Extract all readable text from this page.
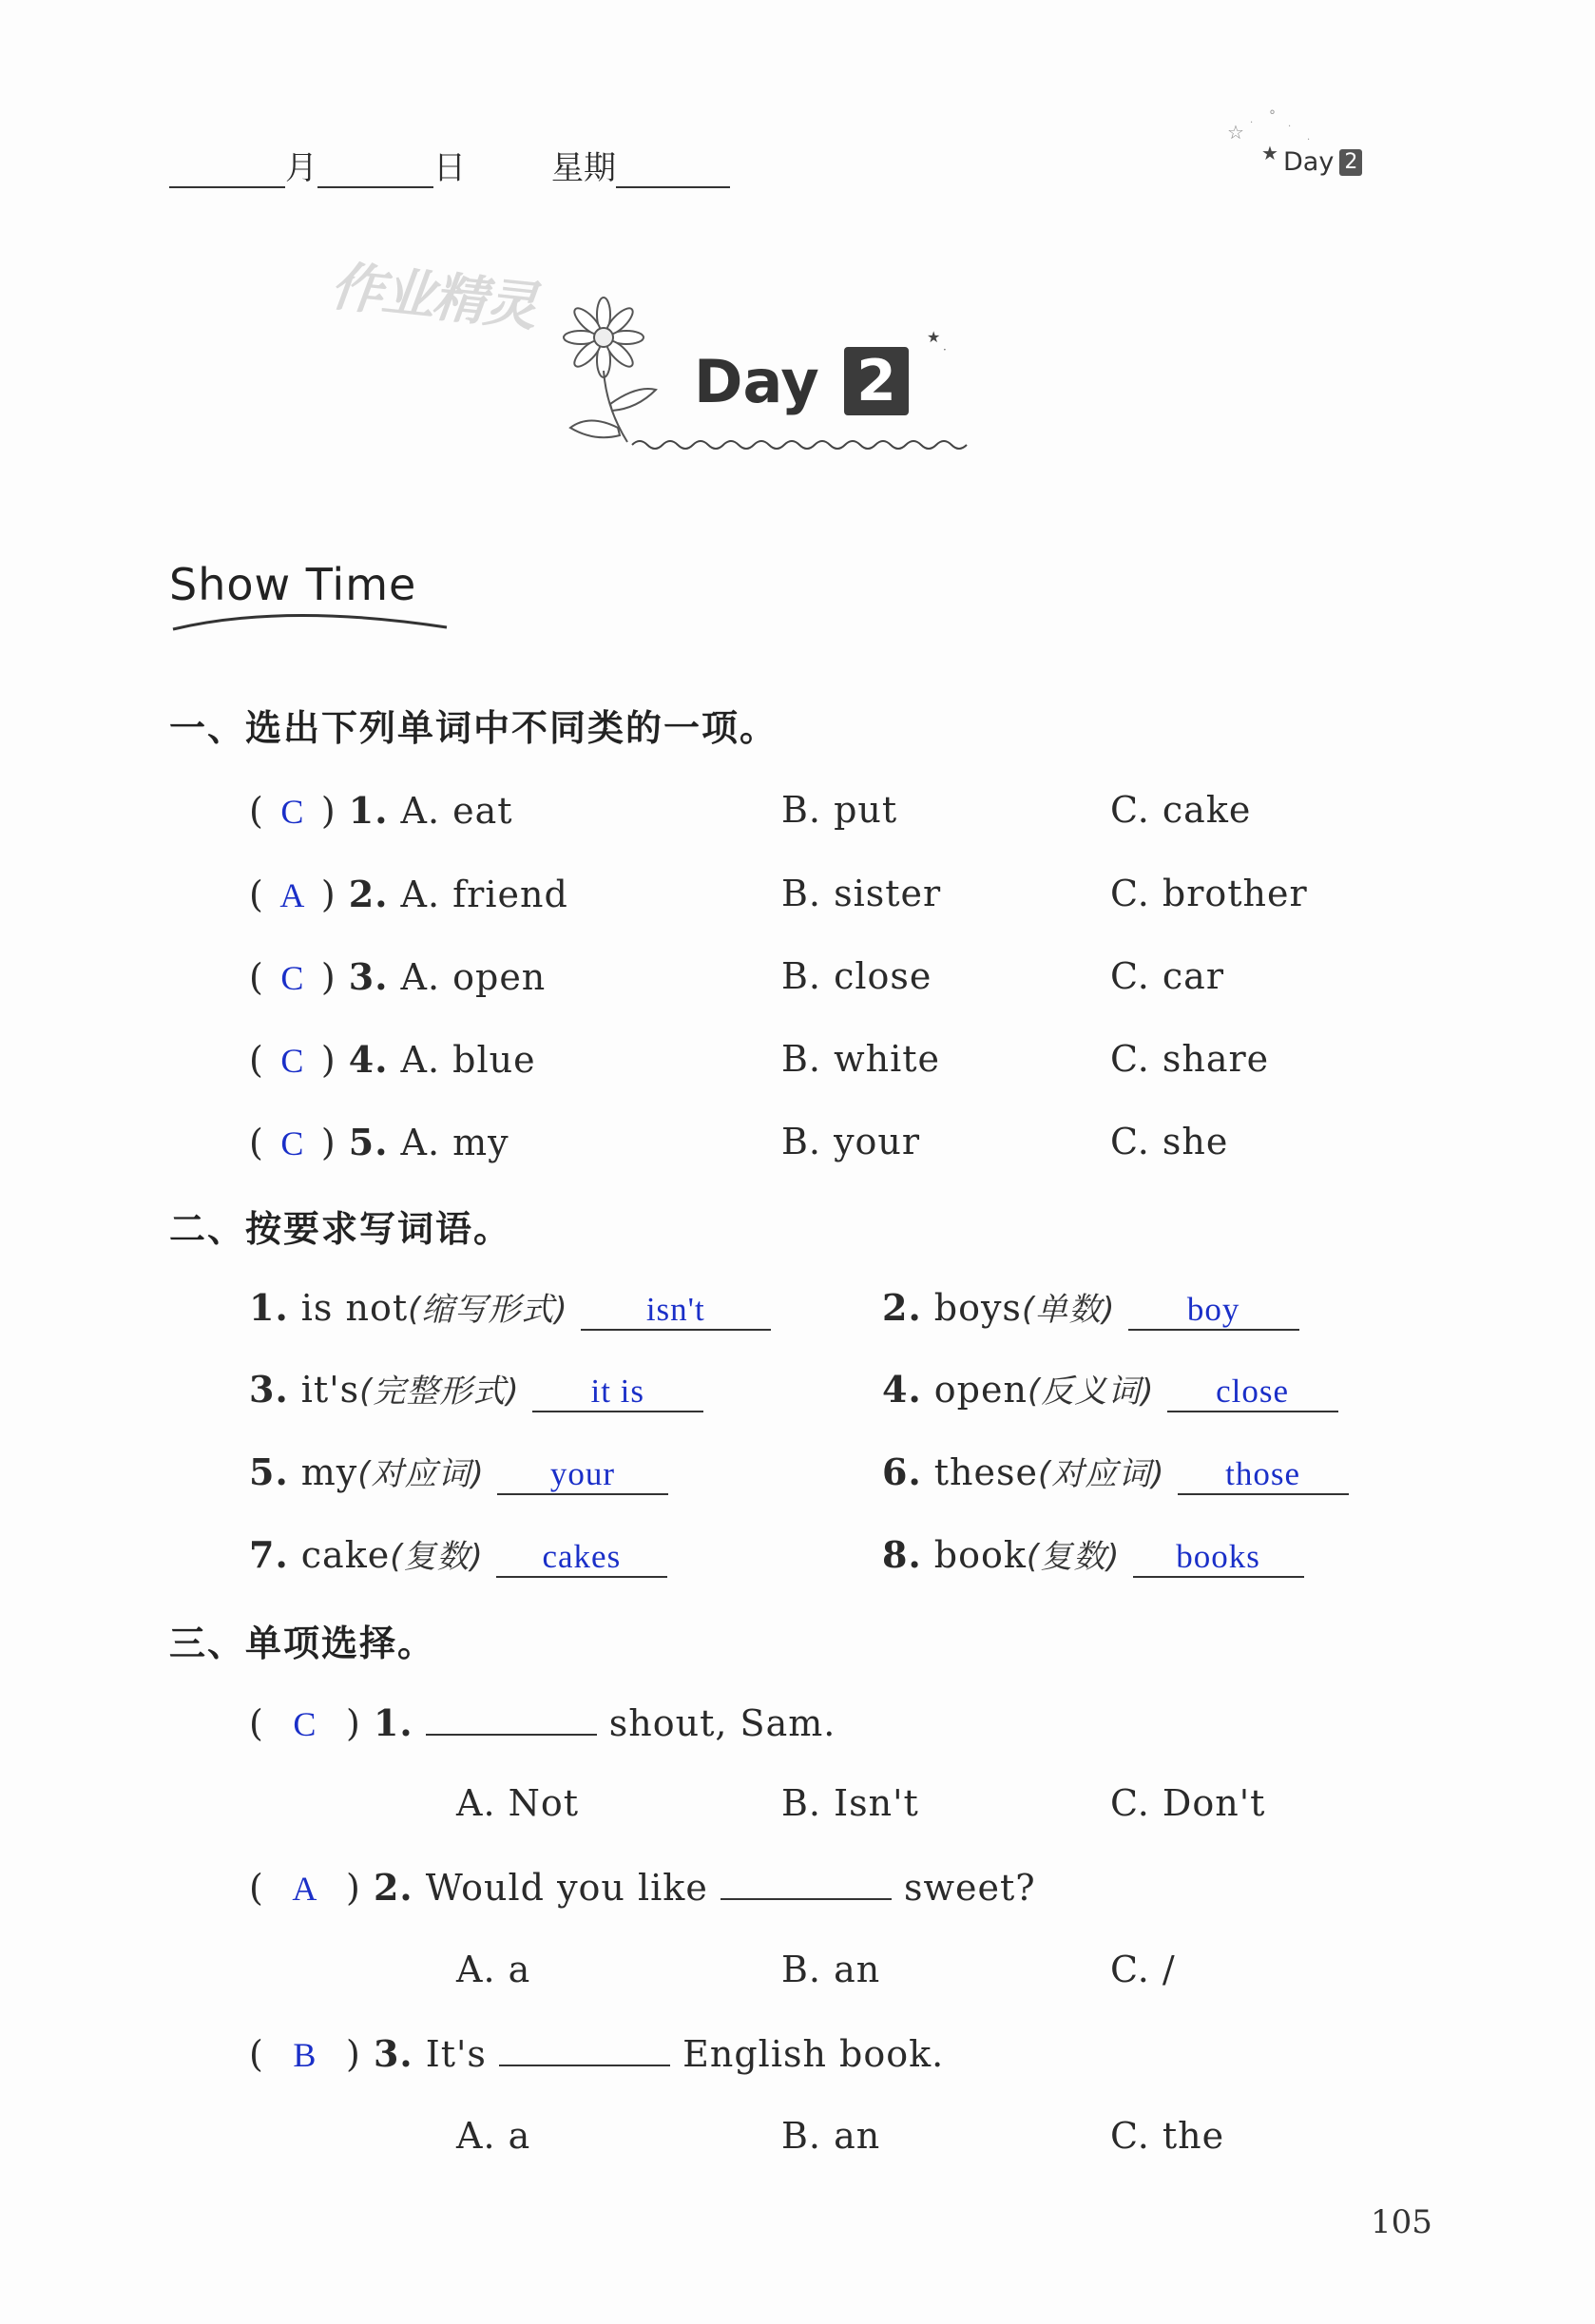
月	日	星期
☆ · °
·
★
·
Day 2
作业精灵	★
·
Day 2
Show Time
一、选出下列单词中不同类的一项。
( C ) 1. A. eat	B. put	C. cake
( A ) 2. A. friend	B. sister	C. brother
( C ) 3. A. open	B. close	C. car
( C ) 4. A. blue	B. white	C. share
( C ) 5. A. my	B. your	C. she
二、按要求写词语。
1. is not(缩写形式) isn't	2. boys(单数) boy
3. it's(完整形式) it is	4. open(反义词) close
5. my(对应词) your	6. these(对应词) those
7. cake(复数) cakes	8. book(复数) books
三、单项选择。
( C ) 1.	shout, Sam.
A. Not	B. Isn't	C. Don't
( A ) 2. Would you like	sweet?
A. a	B. an	C. /
( B ) 3. It's	English book.
A. a	B. an	C. the
105
